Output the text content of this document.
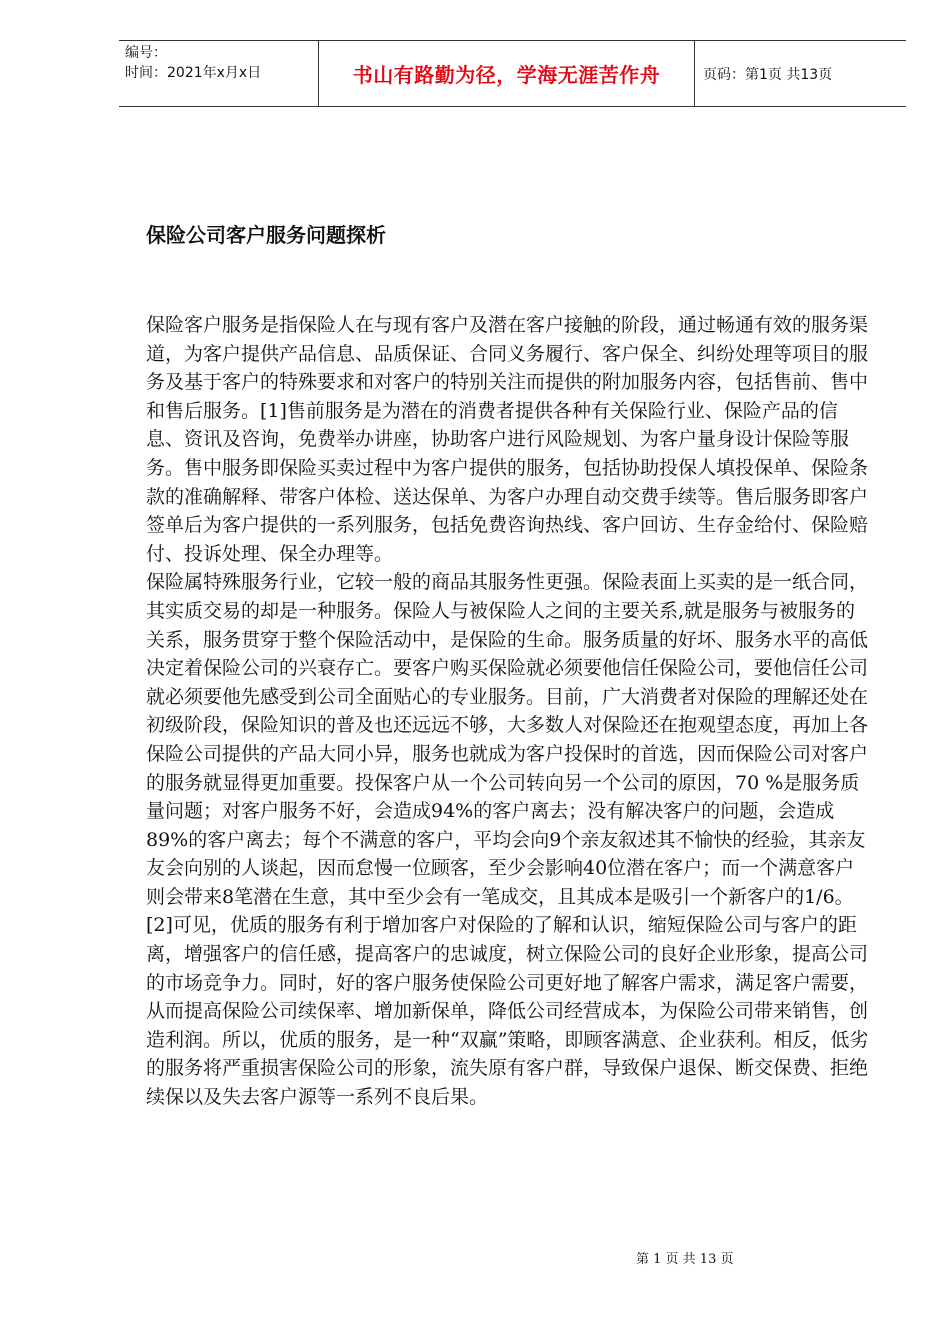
编号：
时间：2021年x月x日	书山有路勤为径，学海无涯苦作舟	页码：第1页 共13页
保险公司客户服务问题探析

保险客户服务是指保险人在与现有客户及潜在客户接触的阶段，通过畅通有效的服务渠道，为客户提供产品信息、品质保证、合同义务履行、客户保全、纠纷处理等项目的服务及基于客户的特殊要求和对客户的特别关注而提供的附加服务内容，包括售前、售中和售后服务。[1]售前服务是为潜在的消费者提供各种有关保险行业、保险产品的信息、资讯及咨询，免费举办讲座，协助客户进行风险规划、为客户量身设计保险等服务。售中服务即保险买卖过程中为客户提供的服务，包括协助投保人填投保单、保险条款的准确解释、带客户体检、送达保单、为客户办理自动交费手续等。售后服务即客户签单后为客户提供的一系列服务，包括免费咨询热线、客户回访、生存金给付、保险赔付、投诉处理、保全办理等。

保险属特殊服务行业，它较一般的商品其服务性更强。保险表面上买卖的是一纸合同，其实质交易的却是一种服务。保险人与被保险人之间的主要关系,就是服务与被服务的关系，服务贯穿于整个保险活动中，是保险的生命。服务质量的好坏、服务水平的高低决定着保险公司的兴衰存亡。要客户购买保险就必须要他信任保险公司，要他信任公司就必须要他先感受到公司全面贴心的专业服务。目前，广大消费者对保险的理解还处在初级阶段，保险知识的普及也还远远不够，大多数人对保险还在抱观望态度，再加上各保险公司提供的产品大同小异，服务也就成为客户投保时的首选，因而保险公司对客户的服务就显得更加重要。投保客户从一个公司转向另一个公司的原因，70 %是服务质量问题；对客户服务不好，会造成94%的客户离去；没有解决客户的问题，会造成89%的客户离去；每个不满意的客户，平均会向9个亲友叙述其不愉快的经验，其亲友友会向别的人谈起，因而怠慢一位顾客，至少会影响40位潜在客户；而一个满意客户则会带来8笔潜在生意，其中至少会有一笔成交，且其成本是吸引一个新客户的1/6。[2]可见，优质的服务有利于增加客户对保险的了解和认识，缩短保险公司与客户的距离，增强客户的信任感，提高客户的忠诚度，树立保险公司的良好企业形象，提高公司的市场竞争力。同时，好的客户服务使保险公司更好地了解客户需求，满足客户需要，从而提高保险公司续保率、增加新保单，降低公司经营成本，为保险公司带来销售，创造利润。所以，优质的服务，是一种“双赢”策略，即顾客满意、企业获利。相反，低劣的服务将严重损害保险公司的形象，流失原有客户群，导致保户退保、断交保费、拒绝续保以及失去客户源等一系列不良后果。

第 1 页 共 13 页
